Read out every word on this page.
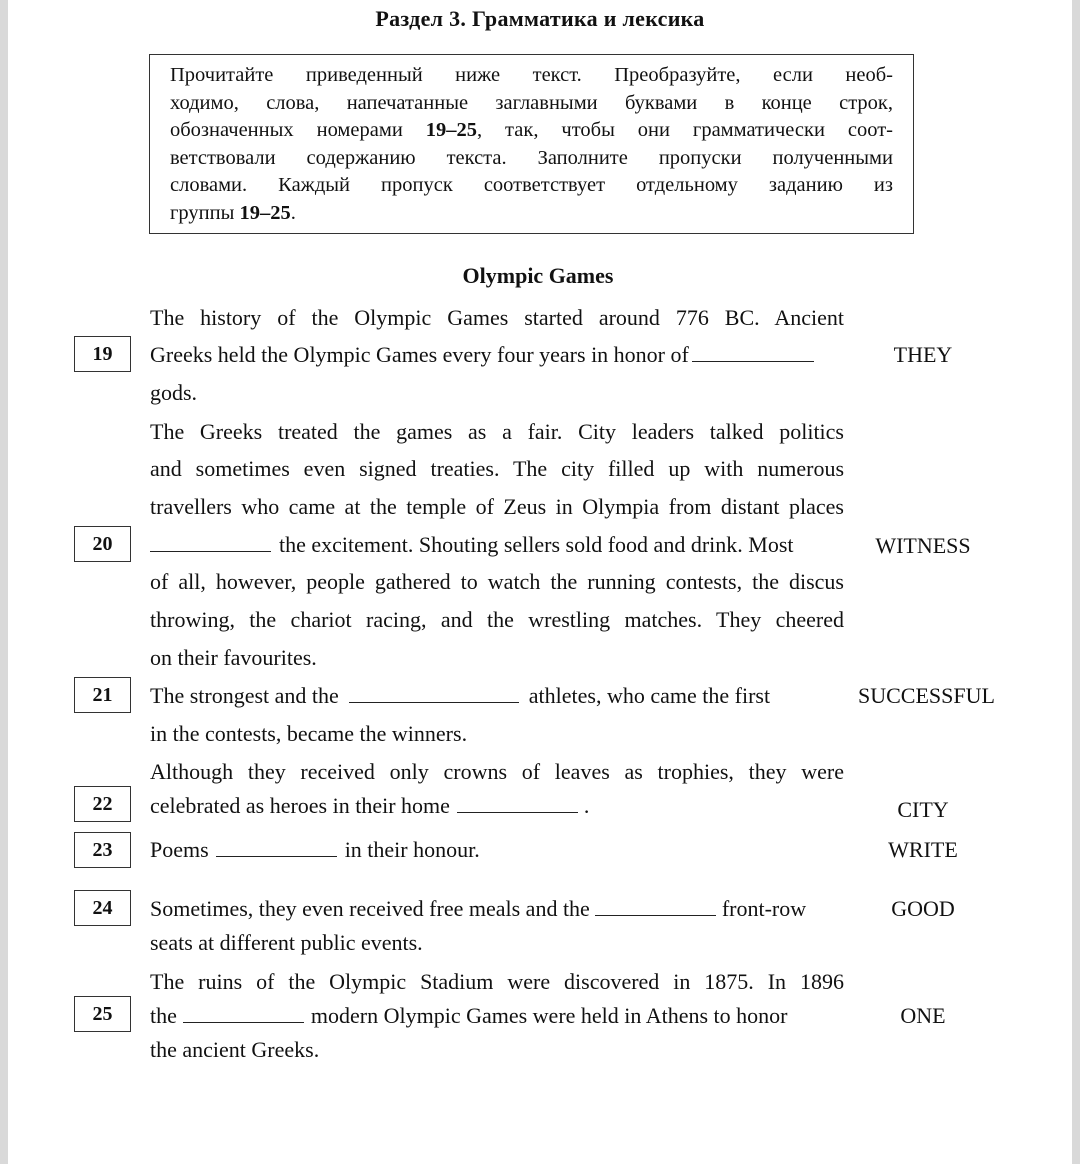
Раздел 3. Грамматика и лексика
Прочитайте приведенный ниже текст. Преобразуйте, если необ-
ходимо, слова, напечатанные заглавными буквами в конце строк,
обозначенных номерами 19–25, так, чтобы они грамматически соот-
ветствовали содержанию текста. Заполните пропуски полученными
словами. Каждый пропуск соответствует отдельному заданию из
группы 19–25.
Olympic Games
The history of the Olympic Games started around 776 BC. Ancient
Greeks held the Olympic Games every four years in honor of
gods.
19	THEY
The Greeks treated the games as a fair. City leaders talked politics
and sometimes even signed treaties. The city filled up with numerous
travellers who came at the temple of Zeus in Olympia from distant places
the excitement. Shouting sellers sold food and drink. Most
of all, however, people gathered to watch the running contests, the discus
throwing, the chariot racing, and the wrestling matches. They cheered
on their favourites.
20	WITNESS
The strongest and the	athletes, who came the first
in the contests, became the winners.
21	SUCCESSFUL
Although they received only crowns of leaves as trophies, they were
celebrated as heroes in their home	.
22	CITY
Poems	in their honour.
23	WRITE
Sometimes, they even received free meals and the	front-row
seats at different public events.
24	GOOD
The ruins of the Olympic Stadium were discovered in 1875. In 1896
the	modern Olympic Games were held in Athens to honor
the ancient Greeks.
25	ONE
